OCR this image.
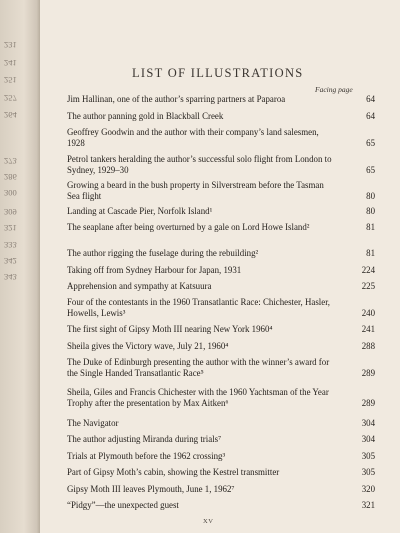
231
241
251
257
264
273
286
300
309
321
333
342
343
LIST OF ILLUSTRATIONS
Facing page
Jim Hallinan, one of the author’s sparring partners at Paparoa	64
The author panning gold in Blackball Creek	64
Geoffrey Goodwin and the author with their company’s land salesmen, 1928	65
Petrol tankers heralding the author’s successful solo flight from London to Sydney, 1929–30	65
Growing a beard in the bush property in Silverstream before the Tasman Sea flight	80
Landing at Cascade Pier, Norfolk Island¹	80
The seaplane after being overturned by a gale on Lord Howe Island²	81
The author rigging the fuselage during the rebuilding²	81
Taking off from Sydney Harbour for Japan, 1931	224
Apprehension and sympathy at Katsuura	225
Four of the contestants in the 1960 Transatlantic Race: Chichester, Hasler, Howells, Lewis³	240
The first sight of Gipsy Moth III nearing New York 1960⁴	241
Sheila gives the Victory wave, July 21, 1960⁴	288
The Duke of Edinburgh presenting the author with the winner’s award for the Single Handed Transatlantic Race⁵	289
Sheila, Giles and Francis Chichester with the 1960 Yachtsman of the Year Trophy after the presentation by Max Aitken⁶	289
The Navigator	304
The author adjusting Miranda during trials⁷	304
Trials at Plymouth before the 1962 crossing³	305
Part of Gipsy Moth’s cabin, showing the Kestrel transmitter	305
Gipsy Moth III leaves Plymouth, June 1, 1962⁷	320
“Pidgy”—the unexpected guest	321
XV
